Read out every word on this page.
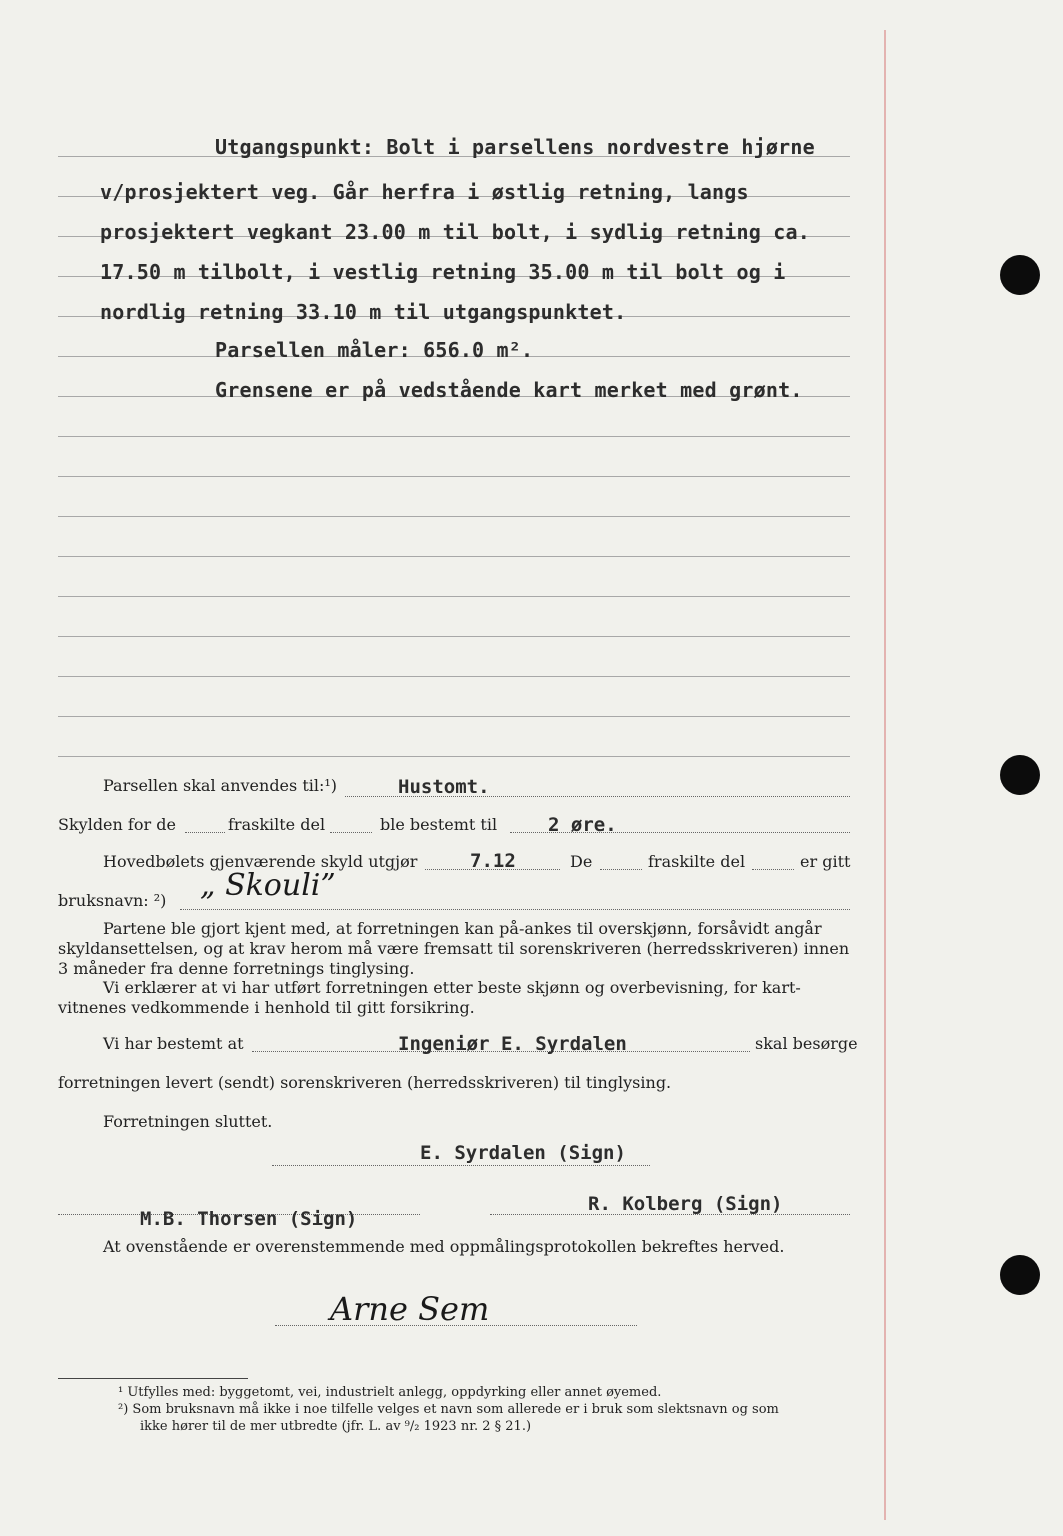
Utgangspunkt: Bolt i parsellens nordvestre hjørne
v/prosjektert veg. Går herfra i østlig retning, langs
prosjektert vegkant 23.00 m til bolt, i sydlig retning ca.
17.50 m tilbolt, i vestlig retning 35.00 m til bolt og i
nordlig retning 33.10 m til utgangspunktet.
Parsellen måler: 656.0 m².
Grensene er på vedstående kart merket med grønt.
Parsellen skal anvendes til:¹)	Hustomt.
Skylden for de	fraskilte del	ble bestemt til	2 øre.
Hovedbølets gjenværende skyld utgjør	7.12	De	fraskilte del	er gitt
bruksnavn: ²) „ Skouli”
Partene ble gjort kjent med, at forretningen kan på-ankes til overskjønn, forsåvidt angår
skyldansettelsen, og at krav herom må være fremsatt til sorenskriveren (herredsskriveren) innen
3 måneder fra denne forretnings tinglysing.
Vi erklærer at vi har utført forretningen etter beste skjønn og overbevisning, for kart-
vitnenes vedkommende i henhold til gitt forsikring.
Vi har bestemt at	Ingeniør E. Syrdalen	skal besørge
forretningen levert (sendt) sorenskriveren (herredsskriveren) til tinglysing.
Forretningen sluttet.
E. Syrdalen (Sign)
R. Kolberg (Sign)
M.B. Thorsen (Sign)
At ovenstående er overenstemmende med oppmålingsprotokollen bekreftes herved.
Arne Sem
¹ Utfylles med: byggetomt, vei, industrielt anlegg, oppdyrking eller annet øyemed.
²) Som bruksnavn må ikke i noe tilfelle velges et navn som allerede er i bruk som slektsnavn og som
ikke hører til de mer utbredte (jfr. L. av ⁹/₂ 1923 nr. 2 § 21.)
